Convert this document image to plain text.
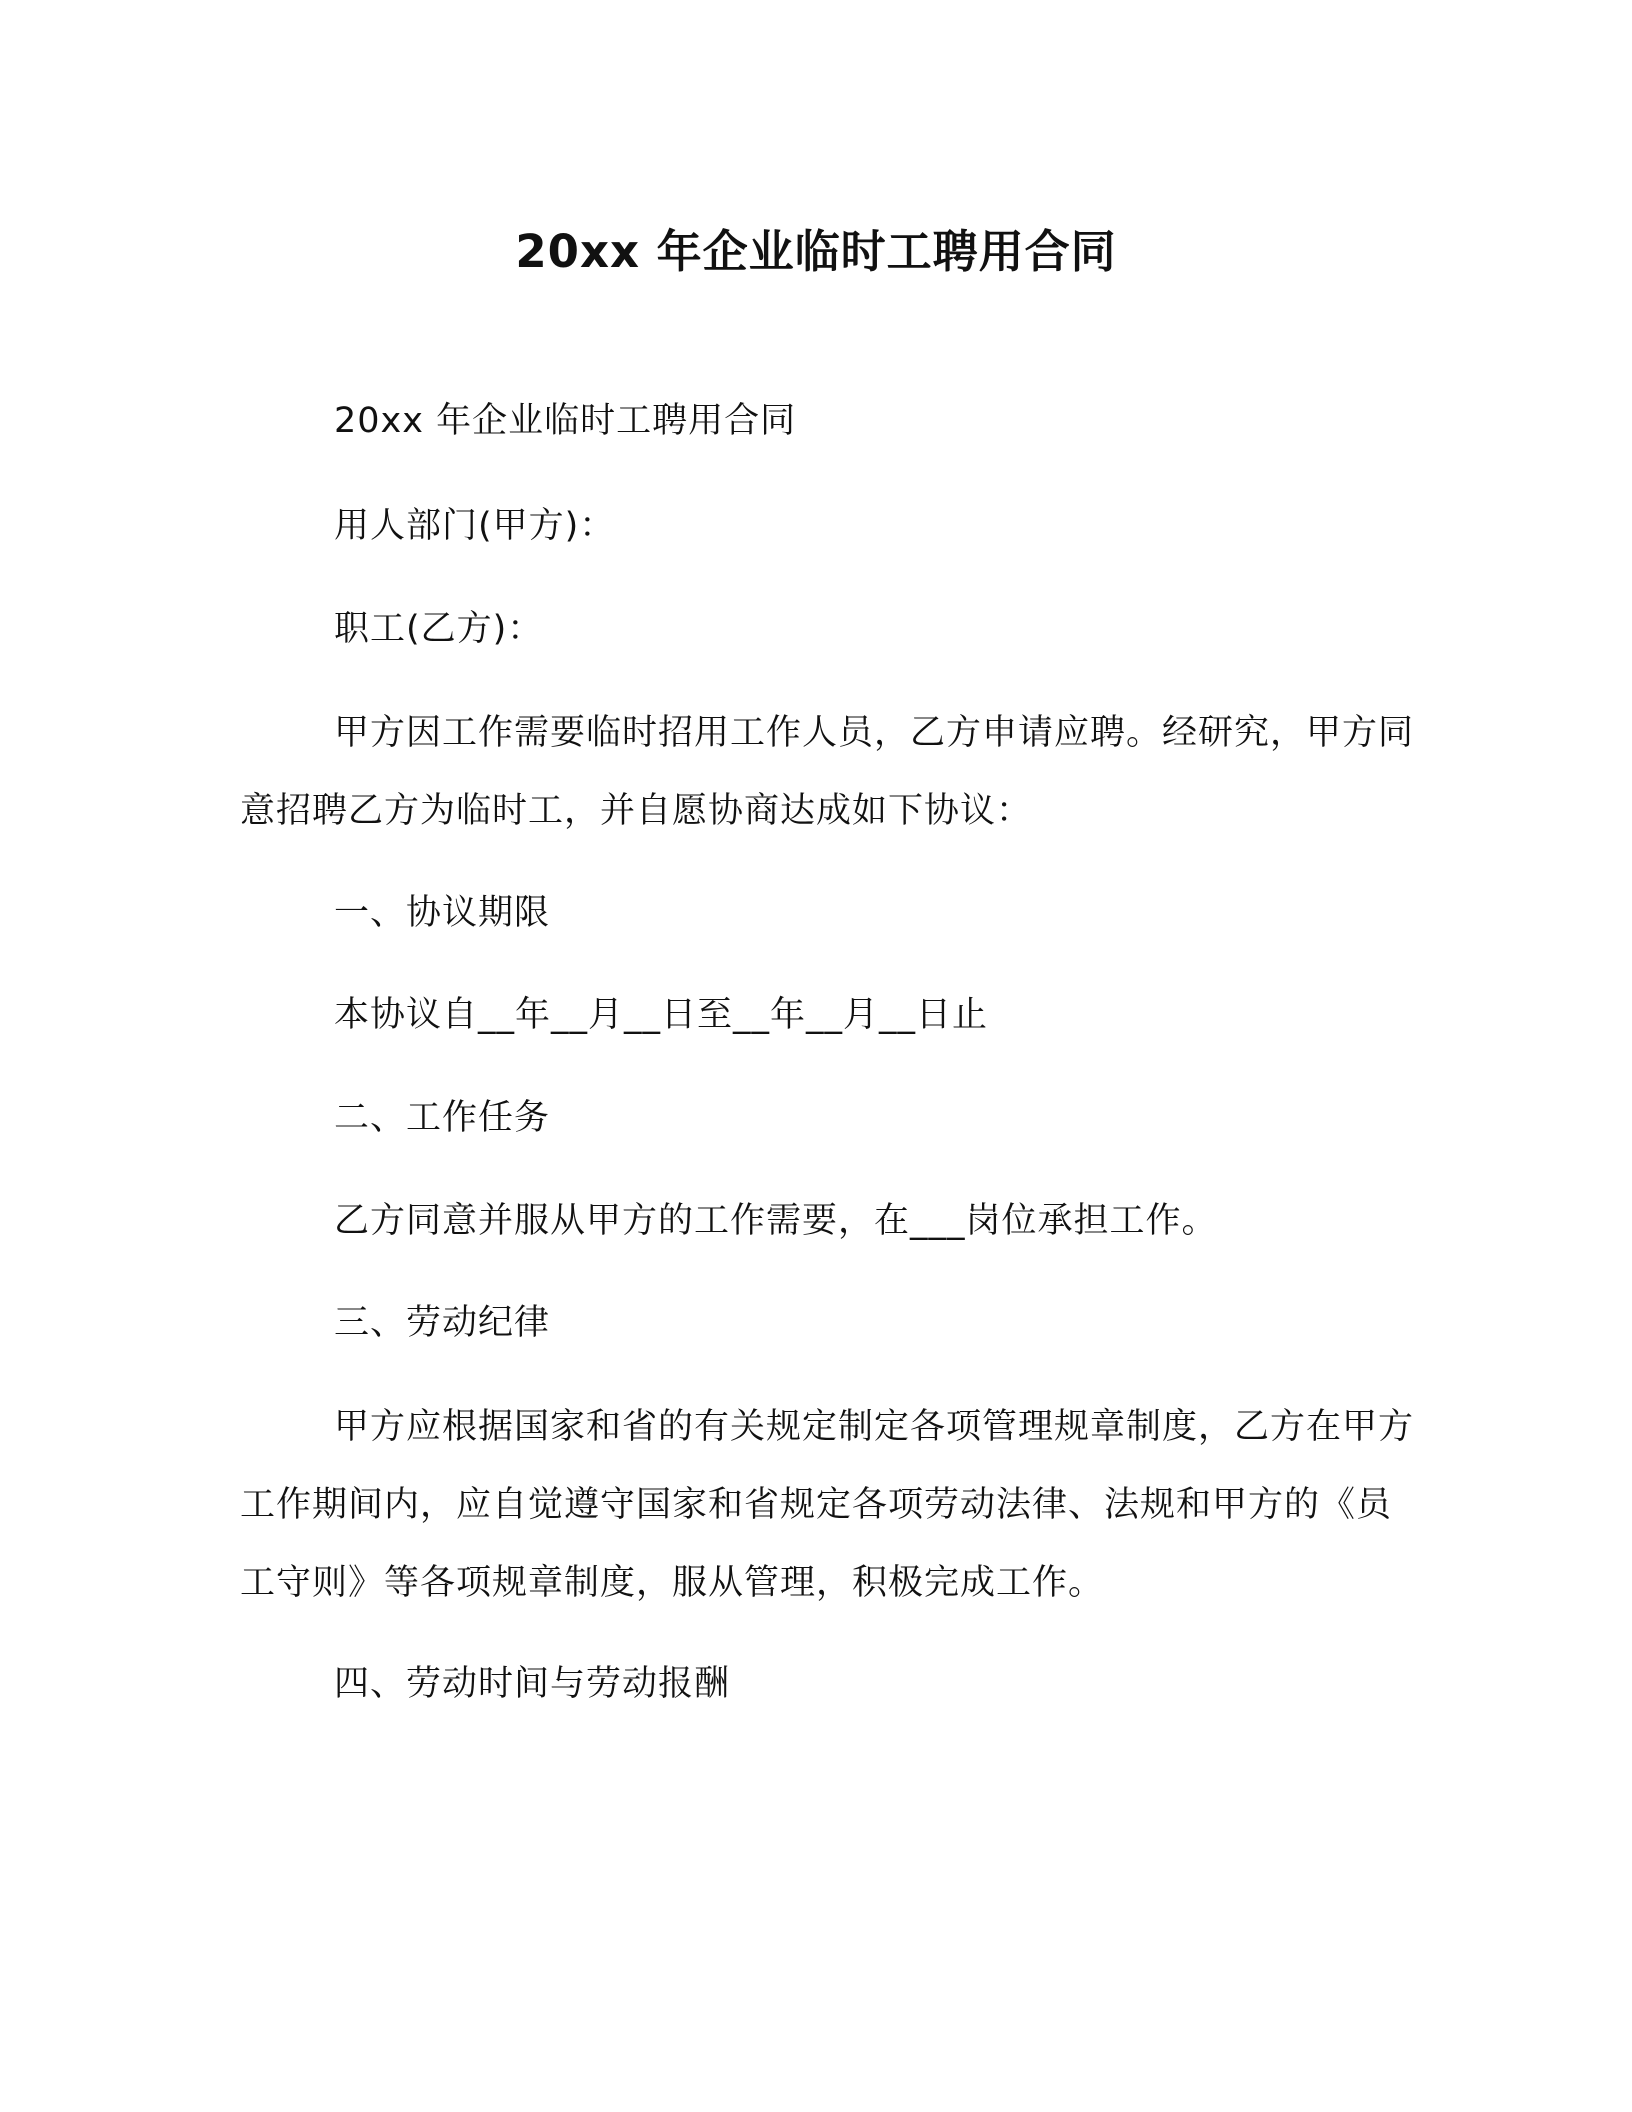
20xx 年企业临时工聘用合同
20xx 年企业临时工聘用合同
用人部门(甲方)：
职工(乙方)：
甲方因工作需要临时招用工作人员，乙方申请应聘。经研究，甲方同意招聘乙方为临时工，并自愿协商达成如下协议：
一、协议期限
本协议自__年__月__日至__年__月__日止
二、工作任务
乙方同意并服从甲方的工作需要，在___岗位承担工作。
三、劳动纪律
甲方应根据国家和省的有关规定制定各项管理规章制度，乙方在甲方工作期间内，应自觉遵守国家和省规定各项劳动法律、法规和甲方的《员工守则》等各项规章制度，服从管理，积极完成工作。
四、劳动时间与劳动报酬
